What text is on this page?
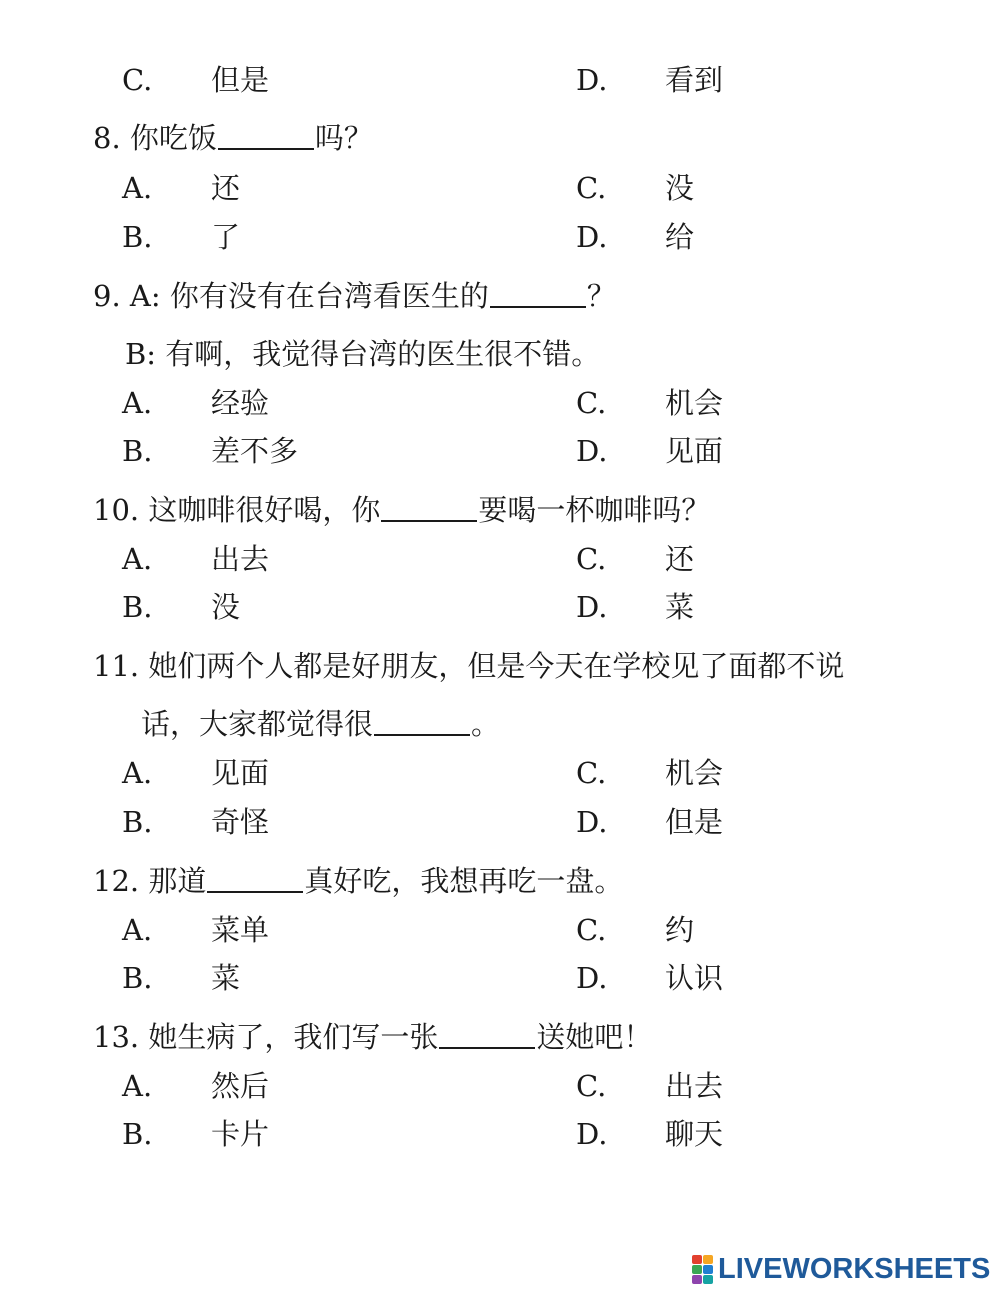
C. 但是	D. 看到
8. 你吃饭	吗？
A. 还	C. 没
B. 了	D. 给
9. A: 你有没有在台湾看医生的	？
B: 有啊，我觉得台湾的医生很不错。
A. 经验	C. 机会
B. 差不多	D. 见面
10. 这咖啡很好喝，你	要喝一杯咖啡吗？
A. 出去	C. 还
B. 没	D. 菜
11. 她们两个人都是好朋友，但是今天在学校见了面都不说
话，大家都觉得很	。
A. 见面	C. 机会
B. 奇怪	D. 但是
12. 那道	真好吃，我想再吃一盘。
A. 菜单	C. 约
B. 菜	D. 认识
13. 她生病了，我们写一张	送她吧！
A. 然后	C. 出去
B. 卡片	D. 聊天
LIVEWORKSHEETS
